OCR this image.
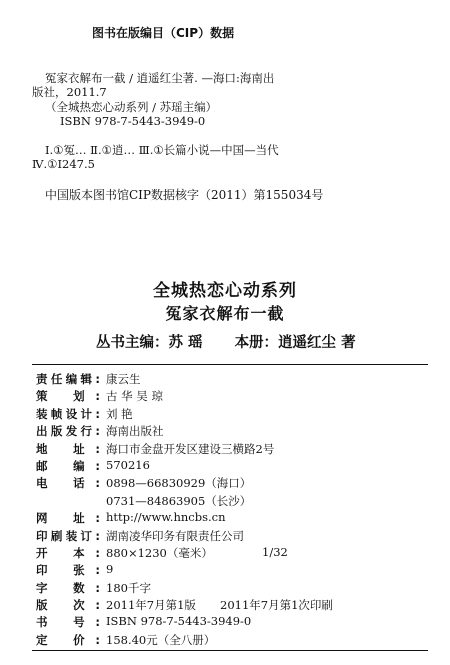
图书在版编目（CIP）数据
冤家衣解布一截 / 逍遥红尘著. —海口:海南出
版社，2011.7
（全城热恋心动系列 / 苏瑶主编）
ISBN 978-7-5443-3949-0
Ⅰ.①冤… Ⅱ.①逍… Ⅲ.①长篇小说—中国—当代
Ⅳ.①I247.5
中国版本图书馆CIP数据核字（2011）第155034号
全城热恋心动系列
冤家衣解布一截
丛书主编：苏 瑶 本册：逍遥红尘 著
责任编辑: 康云生
策 划: 古 华 吴 琼
装帧设计: 刘 艳
出版发行: 海南出版社
地 址: 海口市金盘开发区建设三横路2号
邮 编: 570216
电 话: 0898—66830929（海口）
0731—84863905（长沙）
网 址: http://www.hncbs.cn
印刷装订: 湖南凌华印务有限责任公司
开 本: 880×1230（毫米）	1/32
印 张: 9
字 数: 180千字
版 次: 2011年7月第1版 2011年7月第1次印刷
书 号: ISBN 978-7-5443-3949-0
定 价: 158.40元（全八册）
